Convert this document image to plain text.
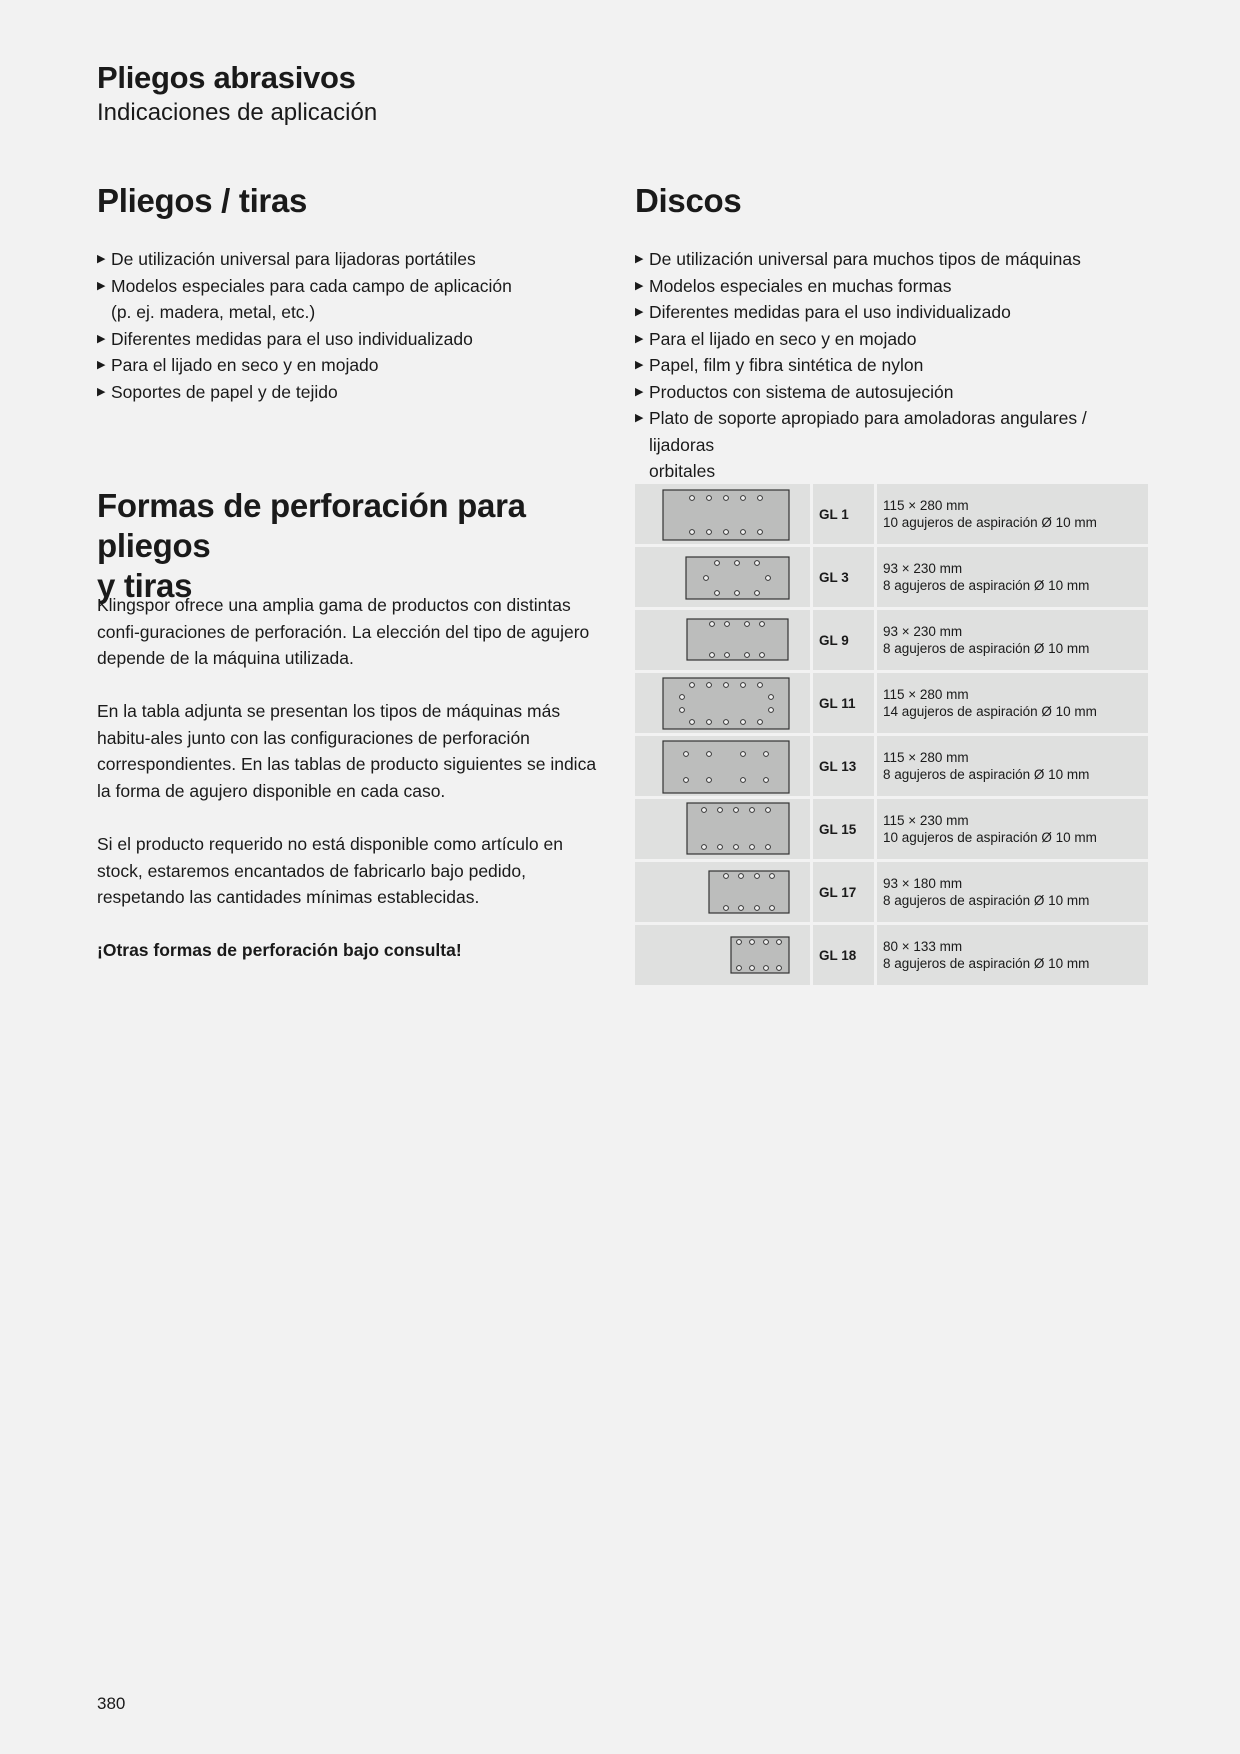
Pliegos abrasivos
Indicaciones de aplicación
Pliegos / tiras
▶ De utilización universal para lijadoras portátiles
▶ Modelos especiales para cada campo de aplicación
(p. ej. madera, metal, etc.)
▶ Diferentes medidas para el uso individualizado
▶ Para el lijado en seco y en mojado
▶ Soportes de papel y de tejido
Discos
▶ De utilización universal para muchos tipos de máquinas
▶ Modelos especiales en muchas formas
▶ Diferentes medidas para el uso individualizado
▶ Para el lijado en seco y en mojado
▶ Papel, film y fibra sintética de nylon
▶ Productos con sistema de autosujeción
▶ Plato de soporte apropiado para amoladoras angulares / lijadoras
orbitales
Formas de perforación para pliegos
y tiras

Klingspor ofrece una amplia gama de productos con distintas confi-guraciones de perforación. La elección del tipo de agujero depende de la máquina utilizada.

En la tabla adjunta se presentan los tipos de máquinas más habitu-ales junto con las configuraciones de perforación correspondientes. En las tablas de producto siguientes se indica la forma de agujero disponible en cada caso.

Si el producto requerido no está disponible como artículo en stock, estaremos encantados de fabricarlo bajo pedido, respetando las cantidades mínimas establecidas.

¡Otras formas de perforación bajo consulta!

GL 1
115 × 280 mm
10 agujeros de aspiración Ø 10 mm
GL 3
93 × 230 mm
8 agujeros de aspiración Ø 10 mm
GL 9
93 × 230 mm
8 agujeros de aspiración Ø 10 mm
GL 11
115 × 280 mm
14 agujeros de aspiración Ø 10 mm
GL 13
115 × 280 mm
8 agujeros de aspiración Ø 10 mm
GL 15
115 × 230 mm
10 agujeros de aspiración Ø 10 mm
GL 17
93 × 180 mm
8 agujeros de aspiración Ø 10 mm
GL 18
80 × 133 mm
8 agujeros de aspiración Ø 10 mm
380
